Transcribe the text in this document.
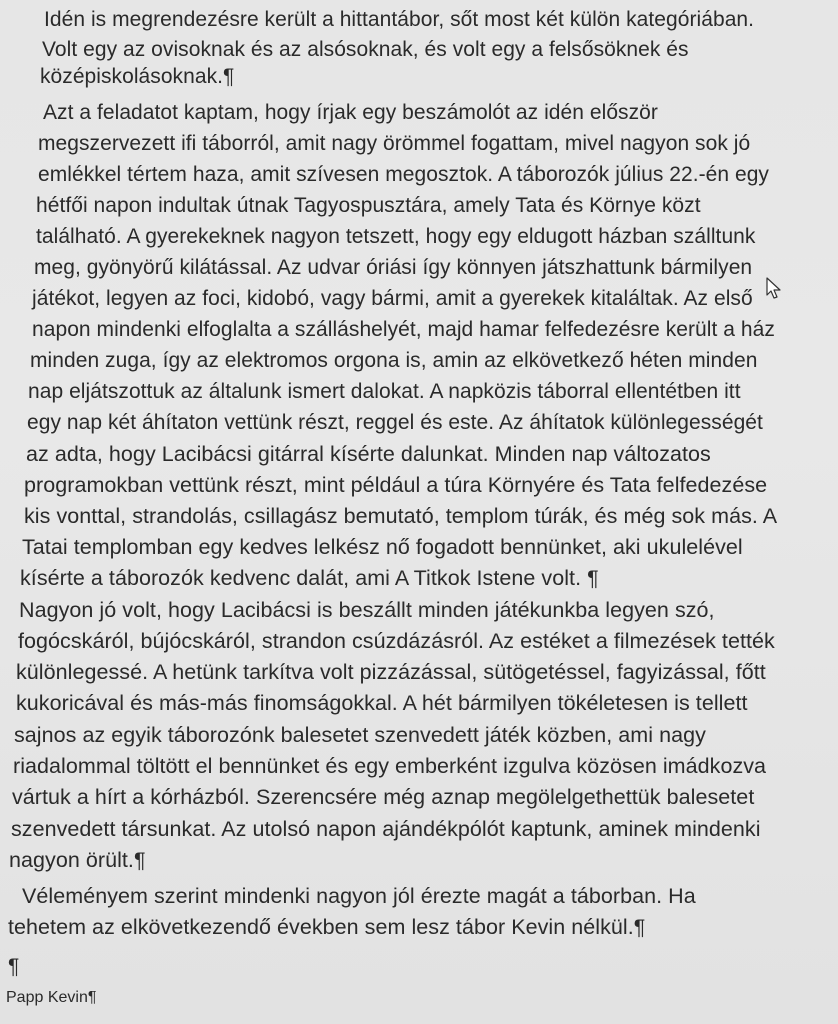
Idén is megrendezésre került a hittantábor, sőt most két külön kategóriában.
Volt egy az ovisoknak és az alsósoknak, és volt egy a felsősöknek és
középiskolásoknak.¶
Azt a feladatot kaptam, hogy írjak egy beszámolót az idén először
megszervezett ifi táborról, amit nagy örömmel fogattam, mivel nagyon sok jó
emlékkel tértem haza, amit szívesen megosztok. A táborozók július 22.-én egy
hétfői napon indultak útnak Tagyospusztára, amely Tata és Környe közt
található. A gyerekeknek nagyon tetszett, hogy egy eldugott házban szálltunk
meg, gyönyörű kilátással. Az udvar óriási így könnyen játszhattunk bármilyen
játékot, legyen az foci, kidobó, vagy bármi, amit a gyerekek kitaláltak. Az első
napon mindenki elfoglalta a szálláshelyét, majd hamar felfedezésre került a ház
minden zuga, így az elektromos orgona is, amin az elkövetkező héten minden
nap eljátszottuk az általunk ismert dalokat. A napközis táborral ellentétben itt
egy nap két áhítaton vettünk részt, reggel és este. Az áhítatok különlegességét
az adta, hogy Lacibácsi gitárral kísérte dalunkat. Minden nap változatos
programokban vettünk részt, mint például a túra Környére és Tata felfedezése
kis vonttal, strandolás, csillagász bemutató, templom túrák, és még sok más. A
Tatai templomban egy kedves lelkész nő fogadott bennünket, aki ukulelével
kísérte a táborozók kedvenc dalát, ami A Titkok Istene volt. ¶
Nagyon jó volt, hogy Lacibácsi is beszállt minden játékunkba legyen szó,
fogócskáról, bújócskáról, strandon csúzdázásról. Az estéket a filmezések tették
különlegessé. A hetünk tarkítva volt pizzázással, sütögetéssel, fagyizással, főtt
kukoricával és más-más finomságokkal. A hét bármilyen tökéletesen is tellett
sajnos az egyik táborozónk balesetet szenvedett játék közben, ami nagy
riadalommal töltött el bennünket és egy emberként izgulva közösen imádkozva
vártuk a hírt a kórházból. Szerencsére még aznap megölelgethettük balesetet
szenvedett társunkat. Az utolsó napon ajándékpólót kaptunk, aminek mindenki
nagyon örült.¶
Véleményem szerint mindenki nagyon jól érezte magát a táborban. Ha
tehetem az elkövetkezendő években sem lesz tábor Kevin nélkül.¶
¶
Papp Kevin¶
